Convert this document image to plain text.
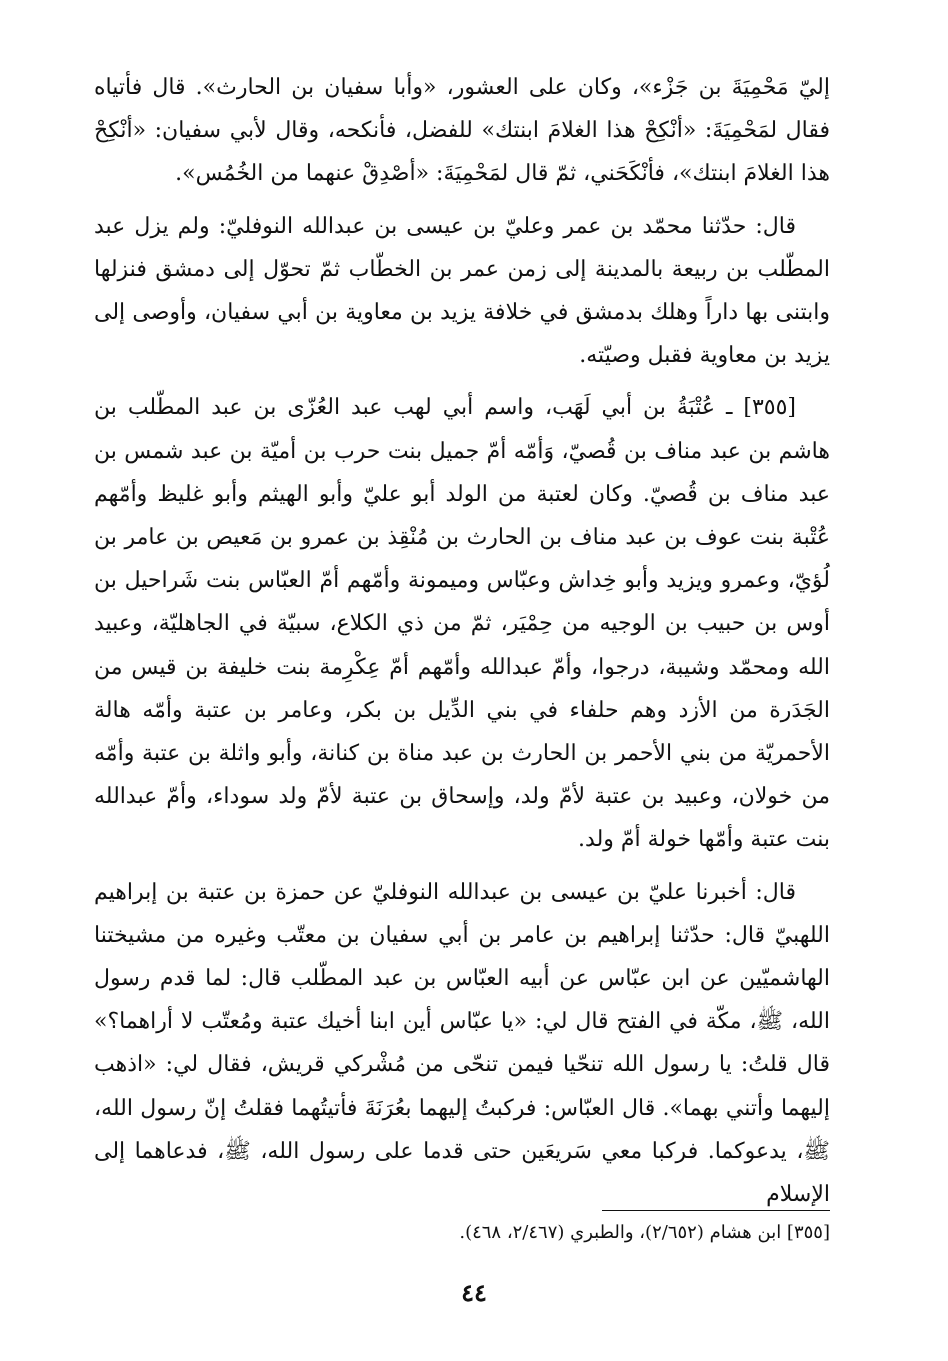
إليّ مَحْمِيَةَ بن جَزْء»، وكان على العشور، «وأبا سفيان بن الحارث». قال فأتياه فقال لمَحْمِيَةَ: «أنْكِحْ هذا الغلامَ ابنتك» للفضل، فأنكحه، وقال لأبي سفيان: «أنْكِحْ هذا الغلامَ ابنتك»، فأنْكَحَني، ثمّ قال لمَحْمِيَةَ: «أصْدِقْ عنهما من الخُمُس».

قال: حدّثنا محمّد بن عمر وعليّ بن عيسى بن عبدالله النوفليّ: ولم يزل عبد المطّلب بن ربيعة بالمدينة إلى زمن عمر بن الخطّاب ثمّ تحوّل إلى دمشق فنزلها وابتنى بها داراً وهلك بدمشق في خلافة يزيد بن معاوية بن أبي سفيان، وأوصى إلى يزيد بن معاوية فقبل وصيّته.

[٣٥٥] ـ عُتْبَةُ بن أبي لَهَب، واسم أبي لهب عبد العُزّى بن عبد المطّلب بن هاشم بن عبد مناف بن قُصيّ، وَأمّه أمّ جميل بنت حرب بن أميّة بن عبد شمس بن عبد مناف بن قُصيّ. وكان لعتبة من الولد أبو عليّ وأبو الهيثم وأبو غليظ وأمّهم عُتْبة بنت عوف بن عبد مناف بن الحارث بن مُنْقِذ بن عمرو بن مَعيص بن عامر بن لُؤيّ، وعمرو ويزيد وأبو خِداش وعبّاس وميمونة وأمّهم أمّ العبّاس بنت شَراحيل بن أوس بن حبيب بن الوجيه من حِمْيَر، ثمّ من ذي الكلاع، سبيّة في الجاهليّة، وعبيد الله ومحمّد وشيبة، درجوا، وأمّ عبدالله وأمّهم أمّ عِكْرِمة بنت خليفة بن قيس من الجَدَرة من الأزد وهم حلفاء في بني الدِّيل بن بكر، وعامر بن عتبة وأمّه هالة الأحمريّة من بني الأحمر بن الحارث بن عبد مناة بن كنانة، وأبو واثلة بن عتبة وأمّه من خولان، وعبيد بن عتبة لأمّ ولد، وإسحاق بن عتبة لأمّ ولد سوداء، وأمّ عبدالله بنت عتبة وأمّها خولة أمّ ولد.

قال: أخبرنا عليّ بن عيسى بن عبدالله النوفليّ عن حمزة بن عتبة بن إبراهيم اللهبيّ قال: حدّثنا إبراهيم بن عامر بن أبي سفيان بن معتّب وغيره من مشيختنا الهاشميّين عن ابن عبّاس عن أبيه العبّاس بن عبد المطّلب قال: لما قدم رسول الله، ﷺ، مكّة في الفتح قال لي: «يا عبّاس أين ابنا أخيك عتبة ومُعتّب لا أراهما؟» قال قلتُ: يا رسول الله تنحّيا فيمن تنحّى من مُشْركي قريش، فقال لي: «اذهب إليهما وأتني بهما». قال العبّاس: فركبتُ إليهما بعُرَنَةَ فأتيتُهما فقلتُ إنّ رسول الله، ﷺ، يدعوكما. فركبا معي سَريعَين حتى قدما على رسول الله، ﷺ، فدعاهما إلى الإسلام

[٣٥٥] ابن هشام (٢/٦٥٢)، والطبري (٢/٤٦٧، ٤٦٨).

٤٤
